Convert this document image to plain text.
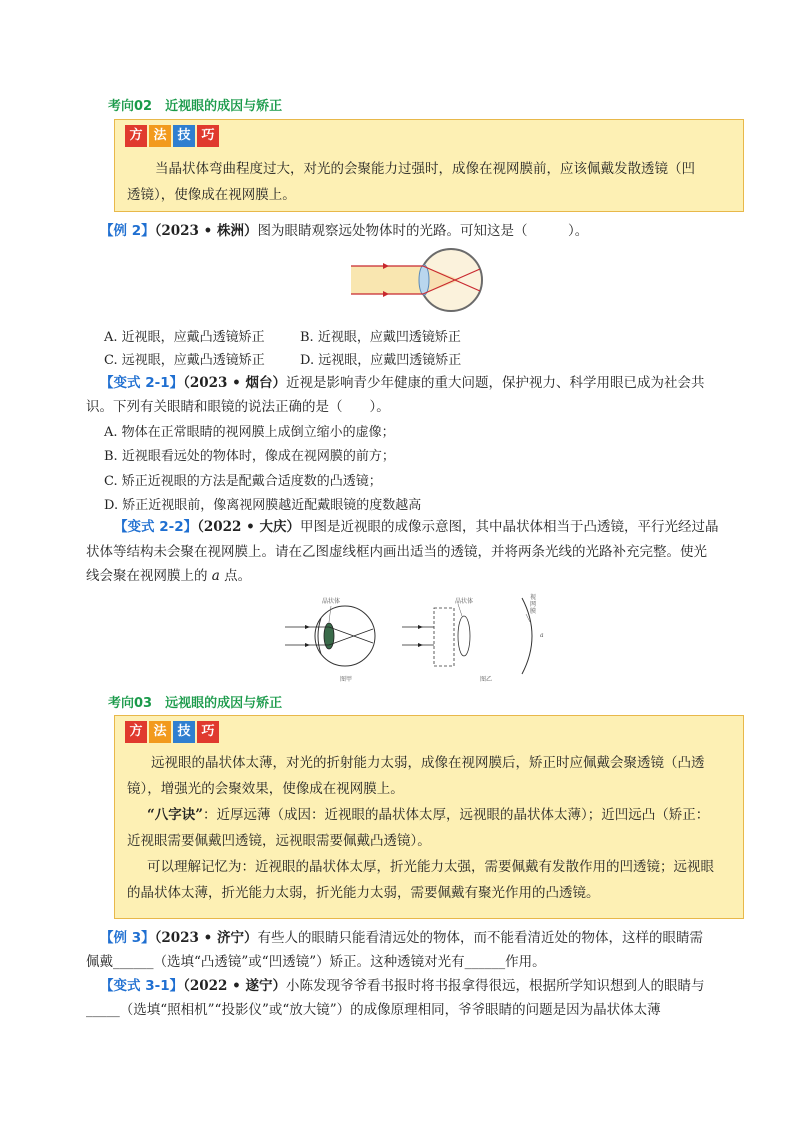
考向02　近视眼的成因与矫正
方 法 技 巧

当晶状体弯曲程度过大，对光的会聚能力过强时，成像在视网膜前，应该佩戴发散透镜（凹

透镜），使像成在视网膜上。

【例 2】（2023 • 株洲）图为眼睛观察远处物体时的光路。可知这是（　　　）。
A. 近视眼，应戴凸透镜矫正	B. 近视眼，应戴凹透镜矫正
C. 远视眼，应戴凸透镜矫正	D. 远视眼，应戴凹透镜矫正
【变式 2-1】（2023 • 烟台）近视是影响青少年健康的重大问题，保护视力、科学用眼已成为社会共
识。下列有关眼睛和眼镜的说法正确的是（　　）。
A. 物体在正常眼睛的视网膜上成倒立缩小的虚像；
B. 近视眼看远处的物体时，像成在视网膜的前方；
C. 矫正近视眼的方法是配戴合适度数的凸透镜；
D. 矫正近视眼前，像离视网膜越近配戴眼镜的度数越高
【变式 2-2】（2022 • 大庆）甲图是近视眼的成像示意图，其中晶状体相当于凸透镜，平行光经过晶
状体等结构未会聚在视网膜上。请在乙图虚线框内画出适当的透镜，并将两条光线的光路补充完整。使光
线会聚在视网膜上的 a 点。
晶状体
图甲
晶状体
视网膜
a
图乙
考向03　远视眼的成因与矫正
方 法 技 巧

远视眼的晶状体太薄，对光的折射能力太弱，成像在视网膜后，矫正时应佩戴会聚透镜（凸透

镜），增强光的会聚效果，使像成在视网膜上。

“八字诀”：近厚远薄（成因：近视眼的晶状体太厚，远视眼的晶状体太薄）；近凹远凸（矫正：

近视眼需要佩戴凹透镜，远视眼需要佩戴凸透镜）。

可以理解记忆为：近视眼的晶状体太厚，折光能力太强，需要佩戴有发散作用的凹透镜；远视眼

的晶状体太薄，折光能力太弱，折光能力太弱，需要佩戴有聚光作用的凸透镜。

【例 3】（2023 • 济宁）有些人的眼睛只能看清远处的物体，而不能看清近处的物体，这样的眼睛需
佩戴______（选填“凸透镜”或“凹透镜”）矫正。这种透镜对光有______作用。
【变式 3-1】（2022 • 遂宁）小陈发现爷爷看书报时将书报拿得很远，根据所学知识想到人的眼睛与
_____（选填“照相机”“投影仪”或“放大镜”）的成像原理相同，爷爷眼睛的问题是因为晶状体太薄
